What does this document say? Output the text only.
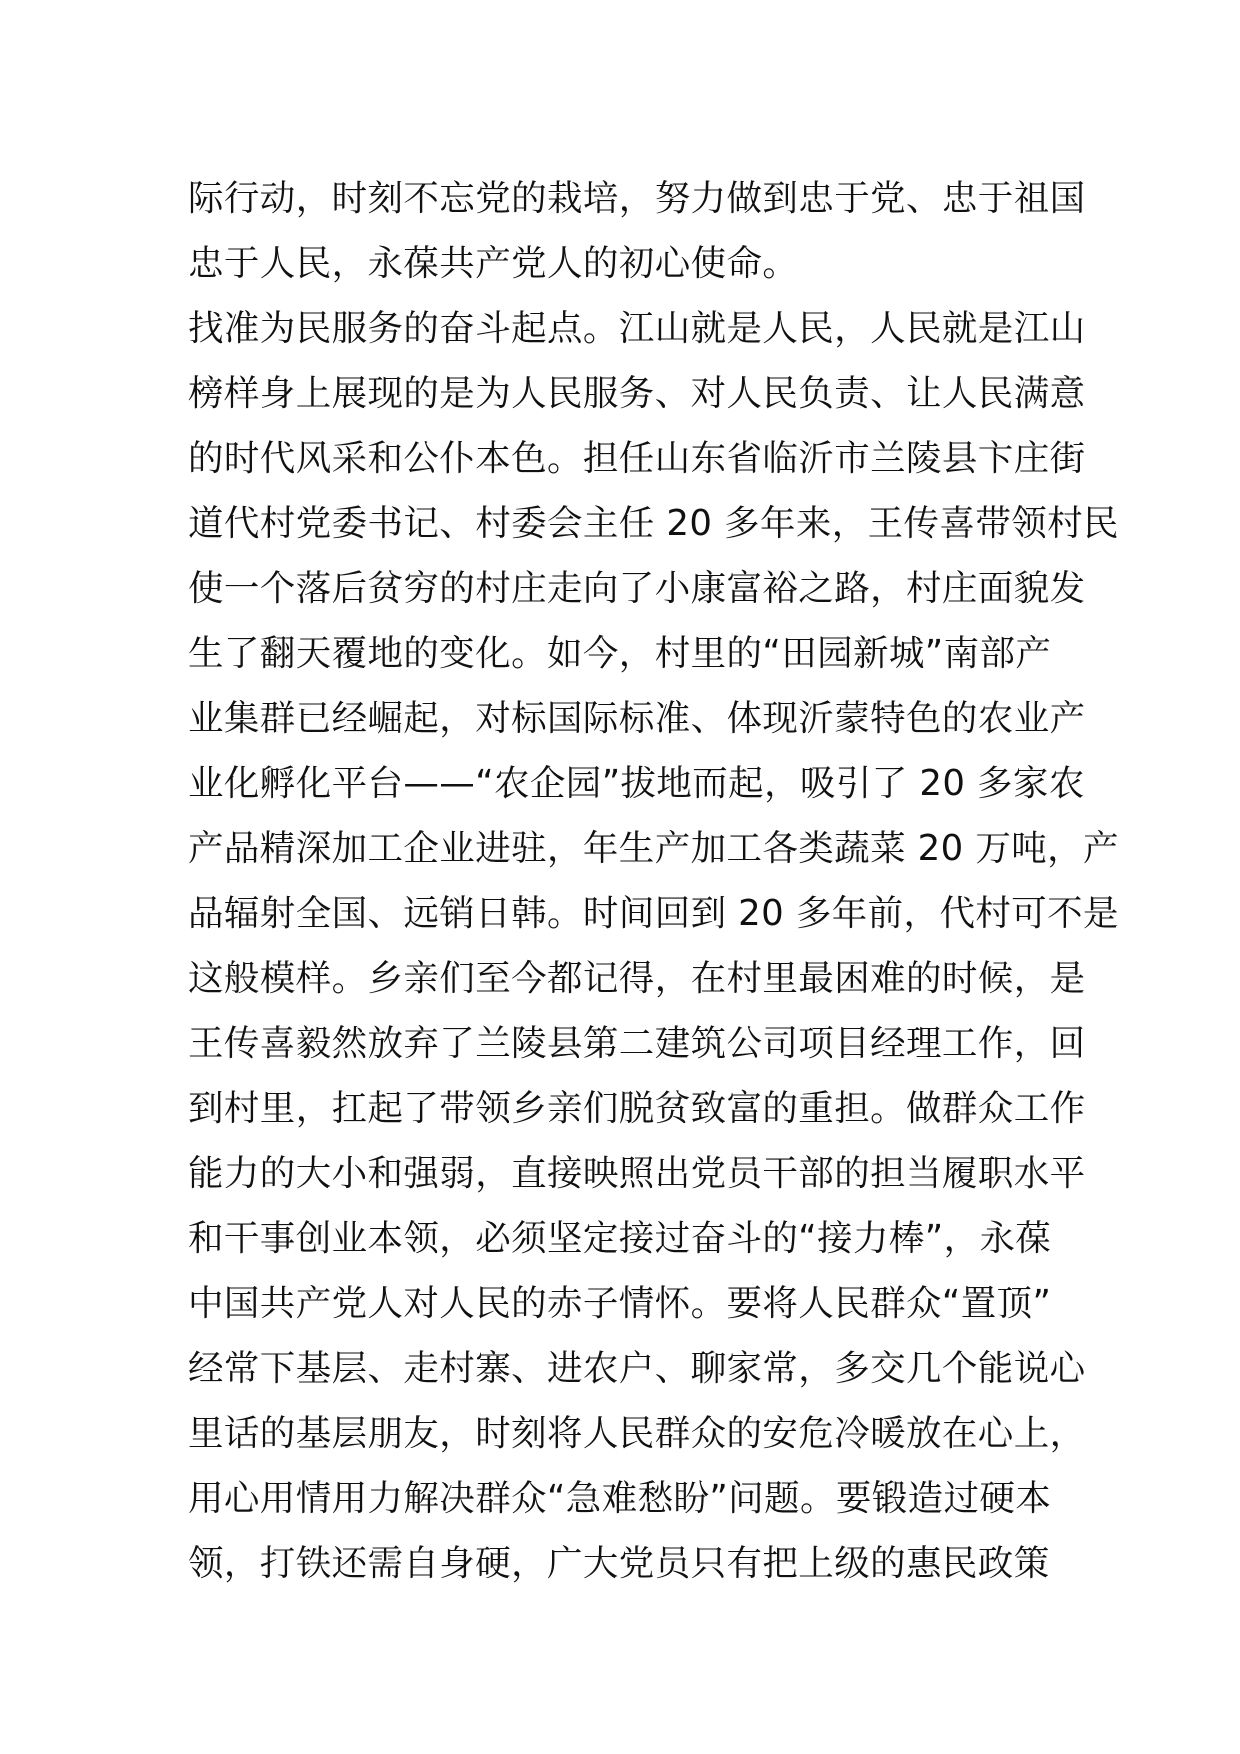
际行动，时刻不忘党的栽培，努力做到忠于党、忠于祖国
忠于人民，永葆共产党人的初心使命。
找准为民服务的奋斗起点。江山就是人民，人民就是江山
榜样身上展现的是为人民服务、对人民负责、让人民满意
的时代风采和公仆本色。担任山东省临沂市兰陵县卞庄街
道代村党委书记、村委会主任 20 多年来，王传喜带领村民
使一个落后贫穷的村庄走向了小康富裕之路，村庄面貌发
生了翻天覆地的变化。如今，村里的“田园新城”南部产
业集群已经崛起，对标国际标准、体现沂蒙特色的农业产
业化孵化平台——“农企园”拔地而起，吸引了 20 多家农
产品精深加工企业进驻，年生产加工各类蔬菜 20 万吨，产
品辐射全国、远销日韩。时间回到 20 多年前，代村可不是
这般模样。乡亲们至今都记得，在村里最困难的时候，是
王传喜毅然放弃了兰陵县第二建筑公司项目经理工作，回
到村里，扛起了带领乡亲们脱贫致富的重担。做群众工作
能力的大小和强弱，直接映照出党员干部的担当履职水平
和干事创业本领，必须坚定接过奋斗的“接力棒”，永葆
中国共产党人对人民的赤子情怀。要将人民群众“置顶”
经常下基层、走村寨、进农户、聊家常，多交几个能说心
里话的基层朋友，时刻将人民群众的安危冷暖放在心上，
用心用情用力解决群众“急难愁盼”问题。要锻造过硬本
领，打铁还需自身硬，广大党员只有把上级的惠民政策
